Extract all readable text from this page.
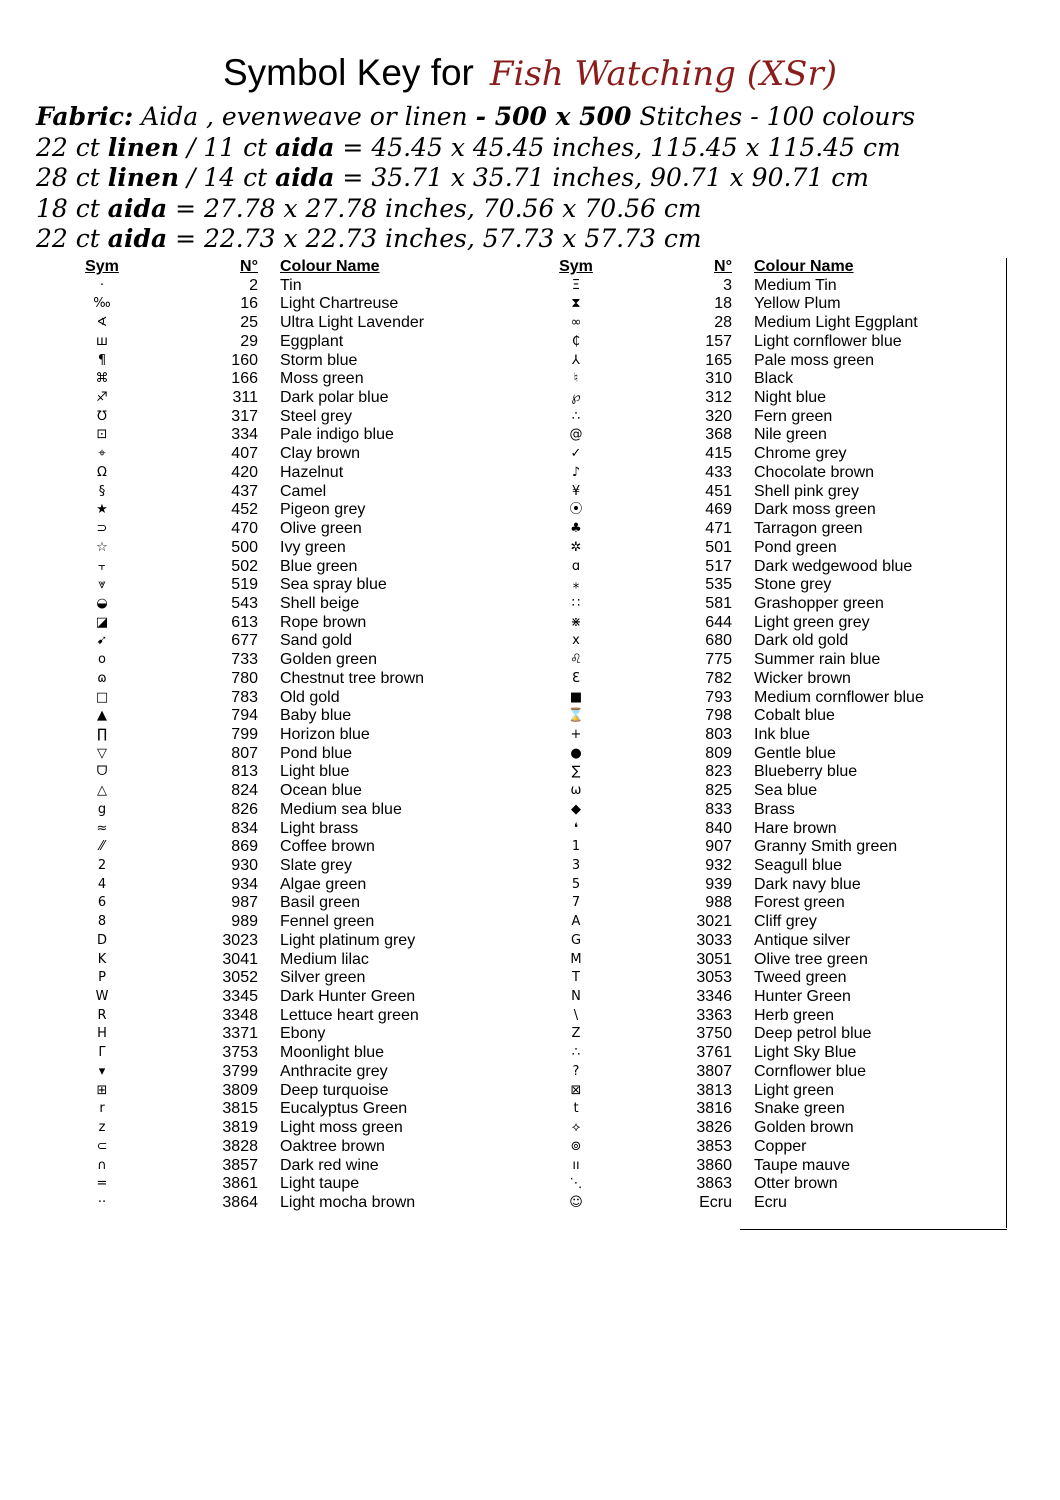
Symbol Key for Fish Watching (XSr)
Fabric: Aida , evenweave or linen - 500 x 500 Stitches - 100 colours
22 ct linen / 11 ct aida = 45.45 x 45.45 inches, 115.45 x 115.45 cm
28 ct linen / 14 ct aida = 35.71 x 35.71 inches, 90.71 x 90.71 cm
18 ct aida = 27.78 x 27.78 inches, 70.56 x 70.56 cm
22 ct aida = 22.73 x 22.73 inches, 57.73 x 57.73 cm
Sym	N° Colour Name
·	2 Tin
‰	16 Light Chartreuse
∢	25 Ultra Light Lavender
ш	29 Eggplant
¶	160 Storm blue
⌘	166 Moss green
♐	311 Dark polar blue
℧	317 Steel grey
⊡	334 Pale indigo blue
⌖	407 Clay brown
Ω	420 Hazelnut
§	437 Camel
★	452 Pigeon grey
⊃	470 Olive green
☆	500 Ivy green
⫟	502 Blue green
⩔	519 Sea spray blue
◒	543 Shell beige
◪	613 Rope brown
➹	677 Sand gold
o	733 Golden green
ɷ	780 Chestnut tree brown
□	783 Old gold
▲	794 Baby blue
∏	799 Horizon blue
▽	807 Pond blue
ᗜ	813 Light blue
△	824 Ocean blue
g	826 Medium sea blue
≈	834 Light brass
⁄⁄	869 Coffee brown
2	930 Slate grey
4	934 Algae green
6	987 Basil green
8	989 Fennel green
D	3023 Light platinum grey
K	3041 Medium lilac
P	3052 Silver green
W	3345 Dark Hunter Green
R	3348 Lettuce heart green
H	3371 Ebony
Γ	3753 Moonlight blue
▾	3799 Anthracite grey
⊞	3809 Deep turquoise
r	3815 Eucalyptus Green
z	3819 Light moss green
⊂	3828 Oaktree brown
∩	3857 Dark red wine
=	3861 Light taupe
··	3864 Light mocha brown
Sym	N° Colour Name
Ξ	3 Medium Tin
⧗	18 Yellow Plum
∞	28 Medium Light Eggplant
₵	157 Light cornflower blue
⅄	165 Pale moss green
♮	310 Black
℘	312 Night blue
∴	320 Fern green
@	368 Nile green
✓	415 Chrome grey
♪	433 Chocolate brown
¥	451 Shell pink grey
⦿	469 Dark moss green
♣	471 Tarragon green
✲	501 Pond green
ɑ	517 Dark wedgewood blue
⁎	535 Stone grey
∷	581 Grashopper green
⋇	644 Light green grey
x	680 Dark old gold
♌	775 Summer rain blue
Ɛ	782 Wicker brown
■	793 Medium cornflower blue
⌛	798 Cobalt blue
+	803 Ink blue
●	809 Gentle blue
∑	823 Blueberry blue
ω	825 Sea blue
◆	833 Brass
❛	840 Hare brown
1	907 Granny Smith green
3	932 Seagull blue
5	939 Dark navy blue
7	988 Forest green
A	3021 Cliff grey
G	3033 Antique silver
M	3051 Olive tree green
T	3053 Tweed green
N	3346 Hunter Green
\	3363 Herb green
Z	3750 Deep petrol blue
∴	3761 Light Sky Blue
?	3807 Cornflower blue
⊠	3813 Light green
t	3816 Snake green
⟡	3826 Golden brown
⊚	3853 Copper
ıı	3860 Taupe mauve
⋱	3863 Otter brown
☺	Ecru Ecru
